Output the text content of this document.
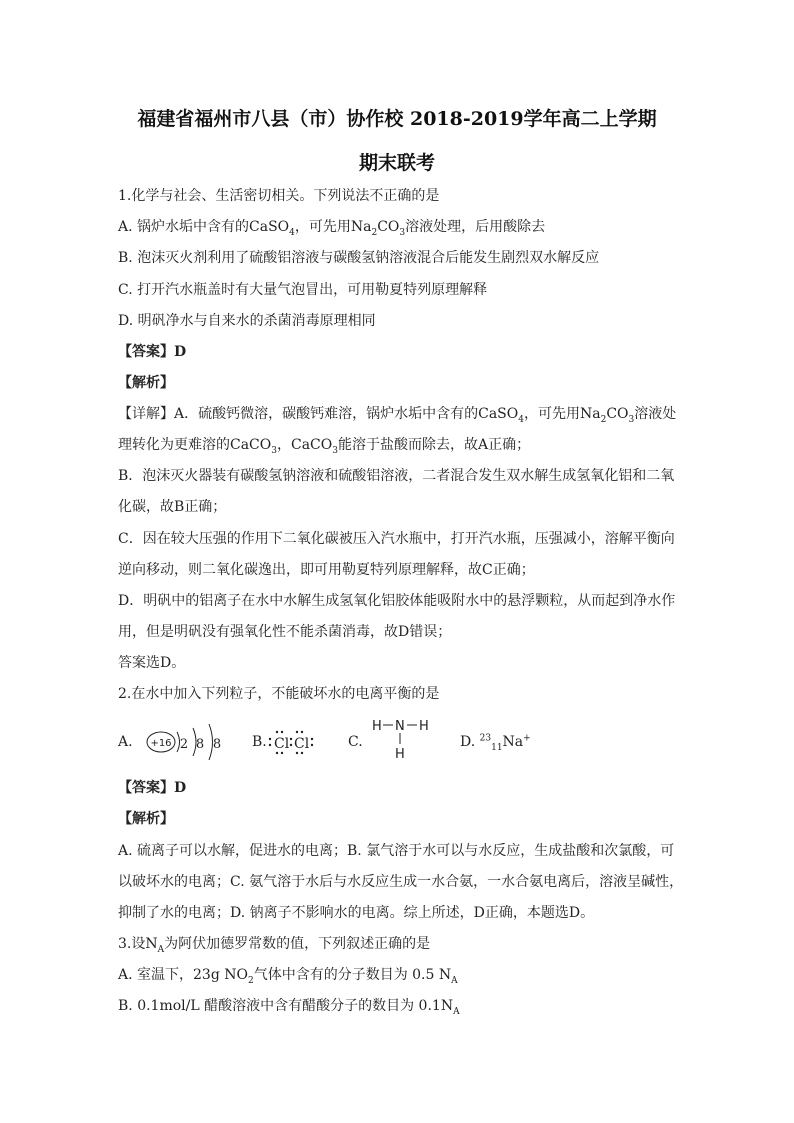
福建省福州市八县（市）协作校 2018-2019学年高二上学期
期末联考
1.化学与社会、生活密切相关。下列说法不正确的是
A. 锅炉水垢中含有的CaSO$_4$，可先用$Na_2CO_3$溶液处理，后用酸除去
B. 泡沫灭火剂利用了硫酸铝溶液与碳酸氢钠溶液混合后能发生剧烈双水解反应
C. 打开汽水瓶盖时有大量气泡冒出，可用勒夏特列原理解释
D. 明矾净水与自来水的杀菌消毒原理相同
【答案】D
【解析】
【详解】A．硫酸钙微溶，碳酸钙难溶，锅炉水垢中含有的CaSO$_4$，可先用$Na_2CO_3$溶液处
理转化为更难溶的CaCO$_3$，CaCO$_3$能溶于盐酸而除去，故A正确；
B．泡沫灭火器装有碳酸氢钠溶液和硫酸铝溶液，二者混合发生双水解生成氢氧化铝和二氧
化碳，故B正确；
C．因在较大压强的作用下二氧化碳被压入汽水瓶中，打开汽水瓶，压强减小，溶解平衡向
逆向移动，则二氧化碳逸出，即可用勒夏特列原理解释，故C正确；
D．明矾中的铝离子在水中水解生成氢氧化铝胶体能吸附水中的悬浮颗粒，从而起到净水作
用，但是明矾没有强氧化性不能杀菌消毒，故D错误；
答案选D。
2.在水中加入下列粒子，不能破坏水的电离平衡的是
A. +16 2 8 8 B. Cl Cl	C.
H N H
H
D. $^{23}_{11}$Na+
【答案】D
【解析】
A. 硫离子可以水解，促进水的电离；B. 氯气溶于水可以与水反应，生成盐酸和次氯酸，可
以破坏水的电离；C. 氨气溶于水后与水反应生成一水合氨，一水合氨电离后，溶液呈碱性，
抑制了水的电离；D. 钠离子不影响水的电离。综上所述，D正确，本题选D。
3.设$N_A$为阿伏加德罗常数的值，下列叙述正确的是
A. 室温下，23g $NO_2$气体中含有的分子数目为 0.5 $N_A$
B. 0.1mol/L 醋酸溶液中含有醋酸分子的数目为 $0.1N_A$
